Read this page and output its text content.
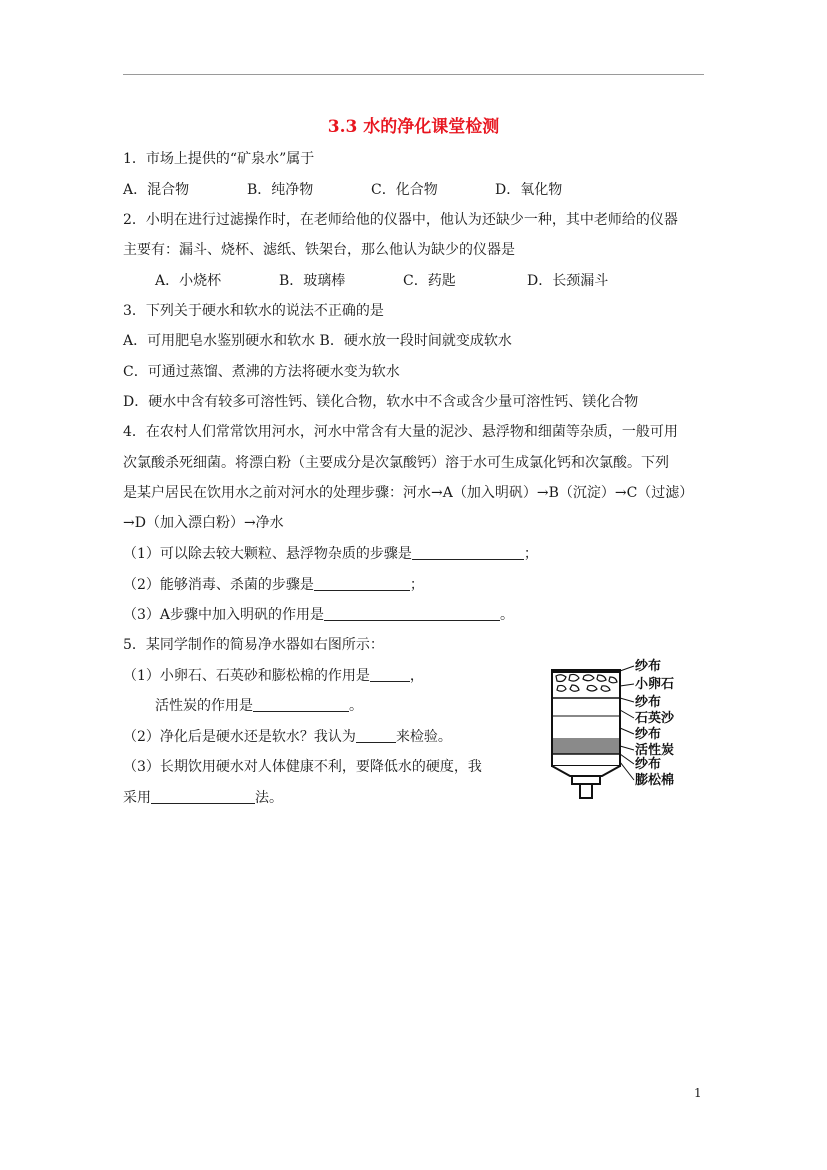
3.3 水的净化课堂检测
1．市场上提供的“矿泉水”属于
A．混合物	B．纯净物	C．化合物	D．氧化物
2．小明在进行过滤操作时，在老师给他的仪器中，他认为还缺少一种，其中老师给的仪器
主要有：漏斗、烧杯、滤纸、铁架台，那么他认为缺少的仪器是
A．小烧杯	B．玻璃棒	C．药匙	D．长颈漏斗
3．下列关于硬水和软水的说法不正确的是
A．可用肥皂水鉴别硬水和软水 B．硬水放一段时间就变成软水
C．可通过蒸馏、煮沸的方法将硬水变为软水
D．硬水中含有较多可溶性钙、镁化合物，软水中不含或含少量可溶性钙、镁化合物
4．在农村人们常常饮用河水，河水中常含有大量的泥沙、悬浮物和细菌等杂质，一般可用
次氯酸杀死细菌。将漂白粉（主要成分是次氯酸钙）溶于水可生成氯化钙和次氯酸。下列
是某户居民在饮用水之前对河水的处理步骤：河水→A（加入明矾）→B（沉淀）→C（过滤）
→D（加入漂白粉）→净水
（1）可以除去较大颗粒、悬浮物杂质的步骤是	；
（2）能够消毒、杀菌的步骤是	；
（3）A步骤中加入明矾的作用是	。
5．某同学制作的简易净水器如右图所示：
（1）小卵石、石英砂和膨松棉的作用是	，
活性炭的作用是	。
（2）净化后是硬水还是软水？我认为	来检验。
（3）长期饮用硬水对人体健康不利，要降低水的硬度，我
采用	法。
纱布
小卵石
纱布
石英沙
纱布
活性炭
纱布
膨松棉
1
